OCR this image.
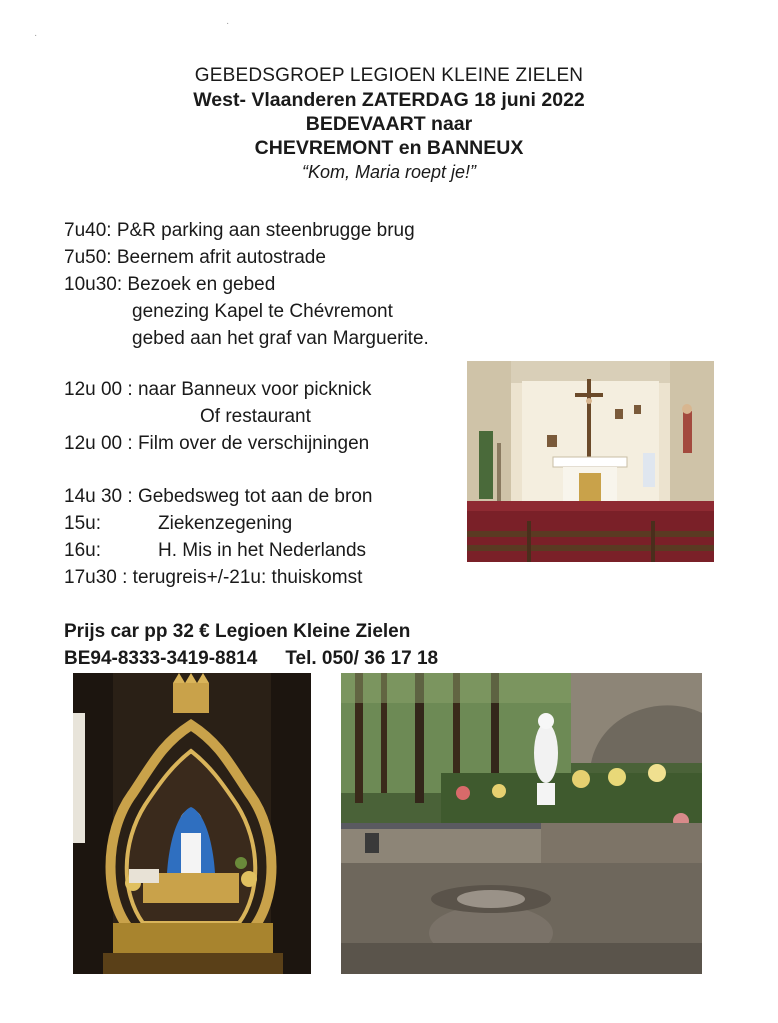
·
·
GEBEDSGROEP LEGIOEN KLEINE ZIELEN
West- Vlaanderen ZATERDAG 18 juni 2022
BEDEVAART naar
CHEVREMONT en BANNEUX
“Kom, Maria roept je!”
7u40: P&R parking aan steenbrugge brug
7u50: Beernem afrit autostrade
10u30: Bezoek en gebed
genezing Kapel te Chévremont
gebed aan het graf van Marguerite.
12u 00 : naar Banneux voor picknick
Of restaurant
12u 00 : Film over de verschijningen
14u 30 : Gebedsweg tot aan de bron
15u:	Ziekenzegening
16u:	H. Mis in het Nederlands
17u30 : terugreis+/-21u: thuiskomst
Prijs car pp 32 € Legioen Kleine Zielen
BE94-8333-3419-8814 Tel. 050/ 36 17 18
